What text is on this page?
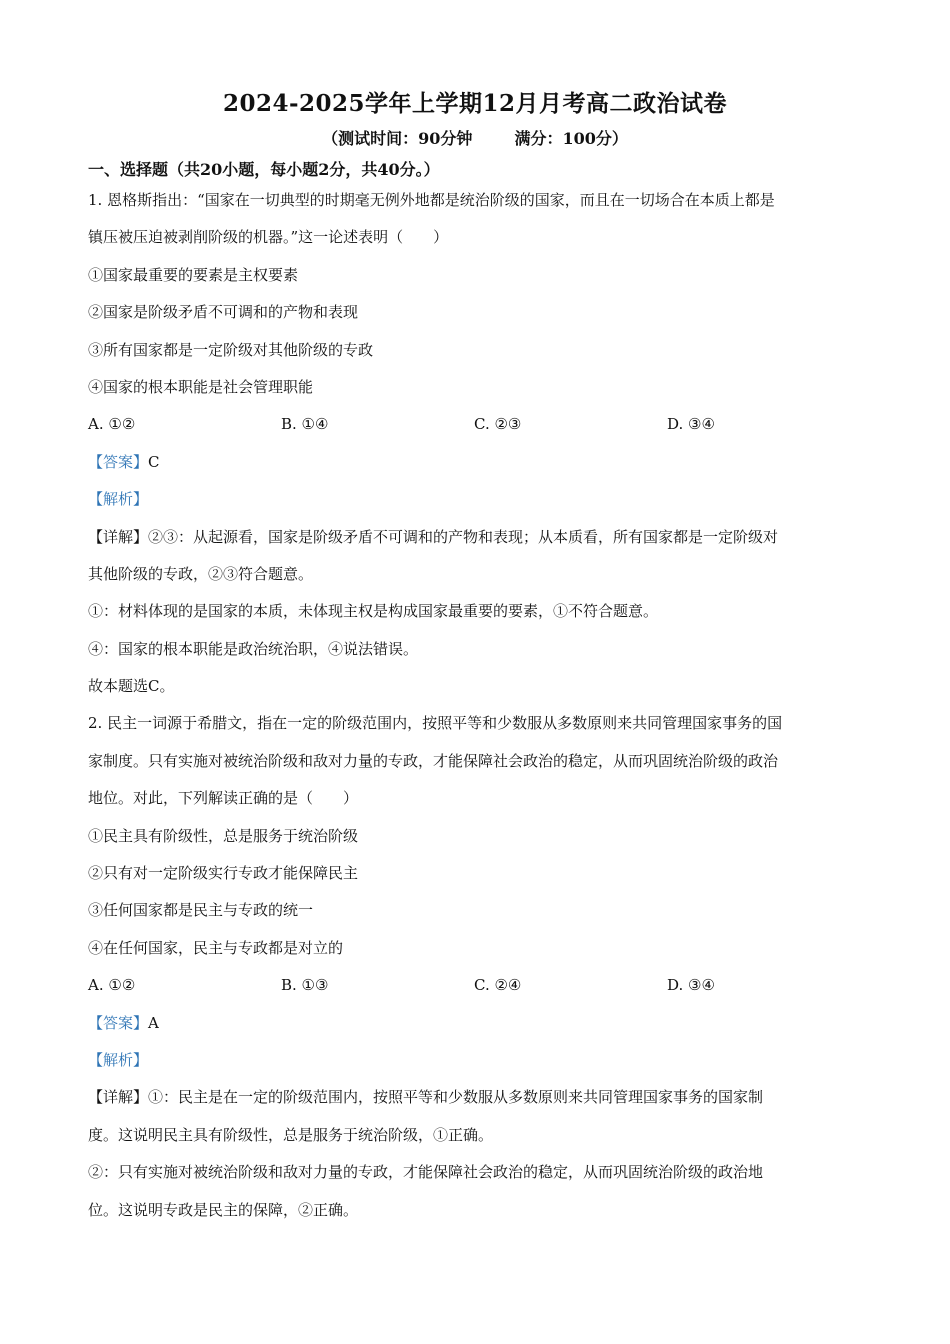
2024-2025学年上学期12月月考高二政治试卷
（测试时间：90分钟	满分：100分）
一、选择题（共20小题，每小题2分，共40分。）
1. 恩格斯指出：“国家在一切典型的时期毫无例外地都是统治阶级的国家，而且在一切场合在本质上都是
镇压被压迫被剥削阶级的机器。”这一论述表明（　　）
①国家最重要的要素是主权要素
②国家是阶级矛盾不可调和的产物和表现
③所有国家都是一定阶级对其他阶级的专政
④国家的根本职能是社会管理职能
A. ①②	B. ①④	C. ②③	D. ③④
【答案】C
【解析】
【详解】②③：从起源看，国家是阶级矛盾不可调和的产物和表现；从本质看，所有国家都是一定阶级对
其他阶级的专政，②③符合题意。
①：材料体现的是国家的本质，未体现主权是构成国家最重要的要素，①不符合题意。
④：国家的根本职能是政治统治职，④说法错误。
故本题选C。
2. 民主一词源于希腊文，指在一定的阶级范围内，按照平等和少数服从多数原则来共同管理国家事务的国
家制度。只有实施对被统治阶级和敌对力量的专政，才能保障社会政治的稳定，从而巩固统治阶级的政治
地位。对此，下列解读正确的是（　　）
①民主具有阶级性，总是服务于统治阶级
②只有对一定阶级实行专政才能保障民主
③任何国家都是民主与专政的统一
④在任何国家，民主与专政都是对立的
A. ①②	B. ①③	C. ②④	D. ③④
【答案】A
【解析】
【详解】①：民主是在一定的阶级范围内，按照平等和少数服从多数原则来共同管理国家事务的国家制
度。这说明民主具有阶级性，总是服务于统治阶级，①正确。
②：只有实施对被统治阶级和敌对力量的专政，才能保障社会政治的稳定，从而巩固统治阶级的政治地
位。这说明专政是民主的保障，②正确。
